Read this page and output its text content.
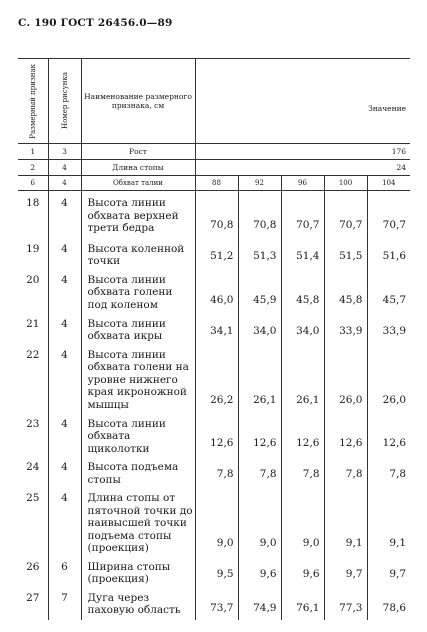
С. 190 ГОСТ 26456.0—89
Размерный признак	Номер рисунка	Наименование размерного признака, см	Значение				
1	3	Рост	176				
2	4	Длина стопы	24				
6	4	Обхват талии	88	92	96	100	104
18	4	Высота линии обхвата верхней трети бедра	70,8	70,8	70,7	70,7	70,7
19	4	Высота коленной точки	51,2	51,3	51,4	51,5	51,6
20	4	Высота линии обхвата голени под коленом	46,0	45,9	45,8	45,8	45,7
21	4	Высота линии обхвата икры	34,1	34,0	34,0	33,9	33,9
22	4	Высота линии обхвата голени на уровне нижнего края икроножной мышцы	26,2	26,1	26,1	26,0	26,0
23	4	Высота линии обхвата щиколотки	12,6	12,6	12,6	12,6	12,6
24	4	Высота подъема стопы	7,8	7,8	7,8	7,8	7,8
25	4	Длина стопы от пяточной точки до наивысшей точки подъема стопы (проекция)	9,0	9,0	9,0	9,1	9,1
26	6	Ширина стопы (проекция)	9,5	9,6	9,6	9,7	9,7
27	7	Дуга через паховую область	73,7	74,9	76,1	77,3	78,6
